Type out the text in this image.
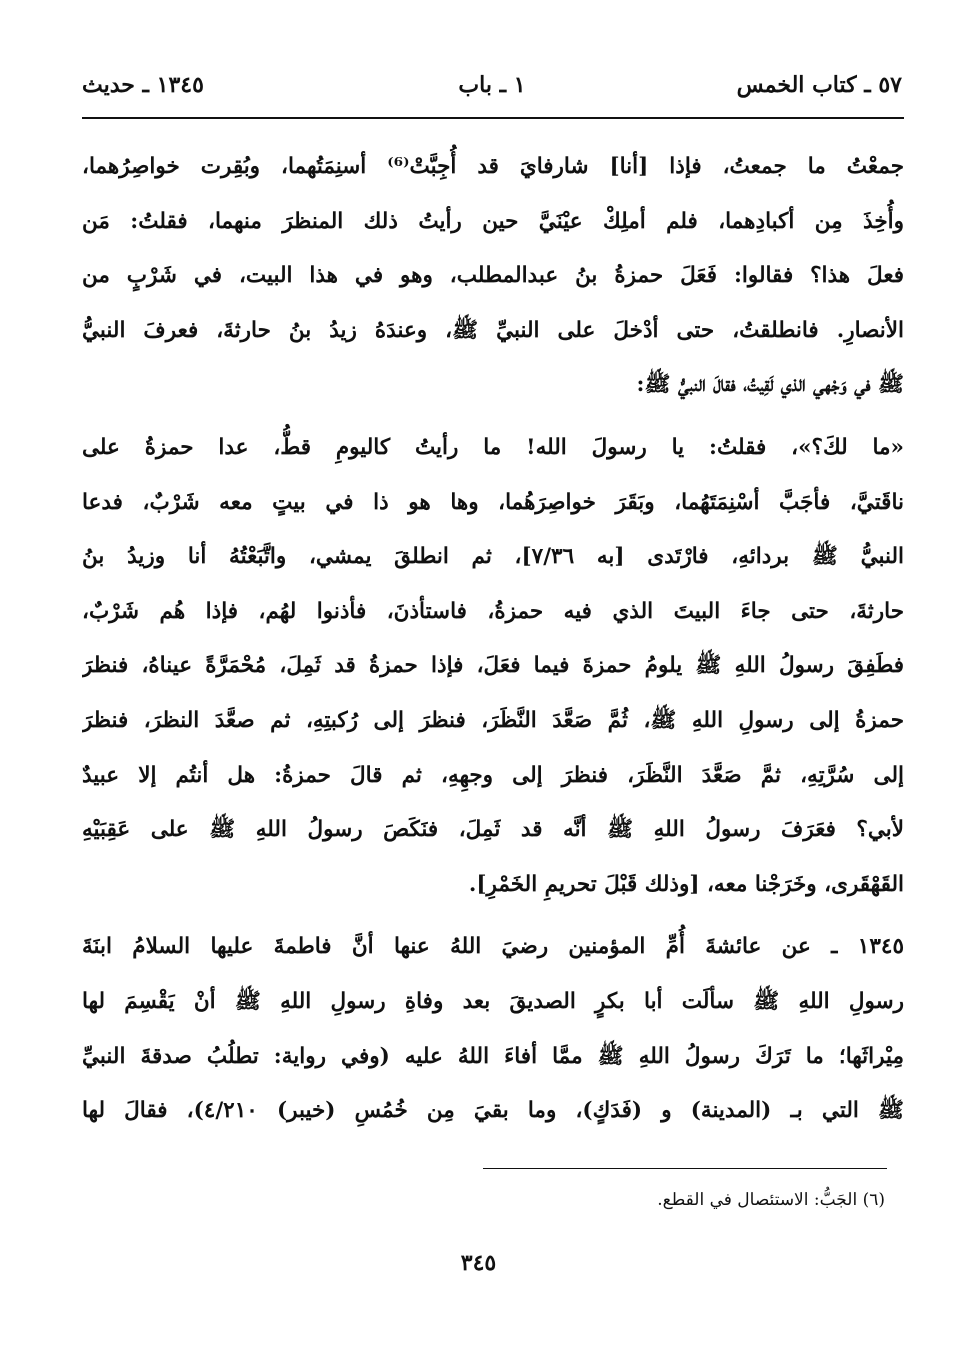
٥٧ ـ كتاب الخمس
١ ـ باب
١٣٤٥ ـ حديث
جمعْتُ ما جمعتُ، فإذا [أنا] شارفايَ قد أُجِبَّتْ⁽⁶⁾ أسنِمَتُهما، وبُقِرت خواصِرُهما،
وأُخِذَ مِن أكبادِهما، فلم أملِكْ عيْنَيَّ حين رأيتُ ذلك المنظرَ منهما، فقلتُ: مَن
فعلَ هذا؟ فقالوا: فَعَلَ حمزةُ بنُ عبدالمطلب، وهو في هذا البيت، في شَرْبٍ من
الأنصارِ. فانطلقتُ، حتى أدْخلَ على النبيِّ ﷺ، وعندَهُ زيدُ بنُ حارثةَ، فعرفَ النبيُّ
ﷺ في وَجْهي الذي لَقِيتُ، فقالَ النبيُّ ﷺ:
«ما لكَ؟»، فقلتُ: يا رسولَ الله! ما رأيتُ كاليومِ قطُّ، عدا حمزةُ على
ناقَتيَّ، فأجَبَّ أسْنِمَتَهُما، وبَقَرَ خواصِرَهُما، وها هو ذا في بيتٍ معه شَرْبٌ، فدعا
النبيُّ ﷺ بردائهِ، فارْتَدى [به ٧/٣٦]، ثم انطلقَ يمشي، واتَّبَعْتُهُ أنا وزيدُ بنُ
حارثةَ، حتى جاءَ البيتَ الذي فيه حمزةُ، فاستأذنَ، فأذنوا لهُم، فإذا هُم شَرْبٌ،
فطَفِقَ رسولُ اللهِ ﷺ يلومُ حمزةَ فيما فعَلَ، فإذا حمزةُ قد ثَمِلَ، مُحْمَرَّةً عيناهُ، فنظرَ
حمزةُ إلى رسولِ اللهِ ﷺ، ثُمَّ صَعَّدَ النَّظَرَ، فنظرَ إلى رُكبتِهِ، ثم صعَّدَ النظرَ، فنظرَ
إلى سُرَّتِهِ، ثمَّ صَعَّدَ النَّظَرَ، فنظرَ إلى وجهِهِ، ثم قالَ حمزةُ: هل أنتُم إلا عبيدٌ
لأبي؟ فعَرَفَ رسولُ اللهِ ﷺ أنَّه قد ثَمِلَ، فنَكَصَ رسولُ اللهِ ﷺ على عَقِبَيْهِ
القَهْقَرى، وخَرَجْنا معه، [وذلك قَبْلَ تحريمِ الخَمْرِ].
١٣٤٥ ـ عن عائشةَ أُمِّ المؤمنين رضيَ اللهُ عنها أنَّ فاطمةَ عليها السلامُ ابنَةَ
رسولِ اللهِ ﷺ سألَت أبا بكرٍ الصديقَ بعد وفاةِ رسولِ اللهِ ﷺ أنْ يَقْسِمَ لها
مِيْراثَها؛ ما تَرَكَ رسولُ اللهِ ﷺ ممَّا أفاءَ اللهُ عليه (وفي رواية: تطلُبُ صدقةَ النبيِّ
ﷺ التي بـ (المدينة) و (فَدَكٍ)، وما بقيَ مِن خُمُسِ (خيبر) ٤/٢١٠)، فقالَ لها
(٦) الجَبُّ: الاستئصال في القطع.
٣٤٥
